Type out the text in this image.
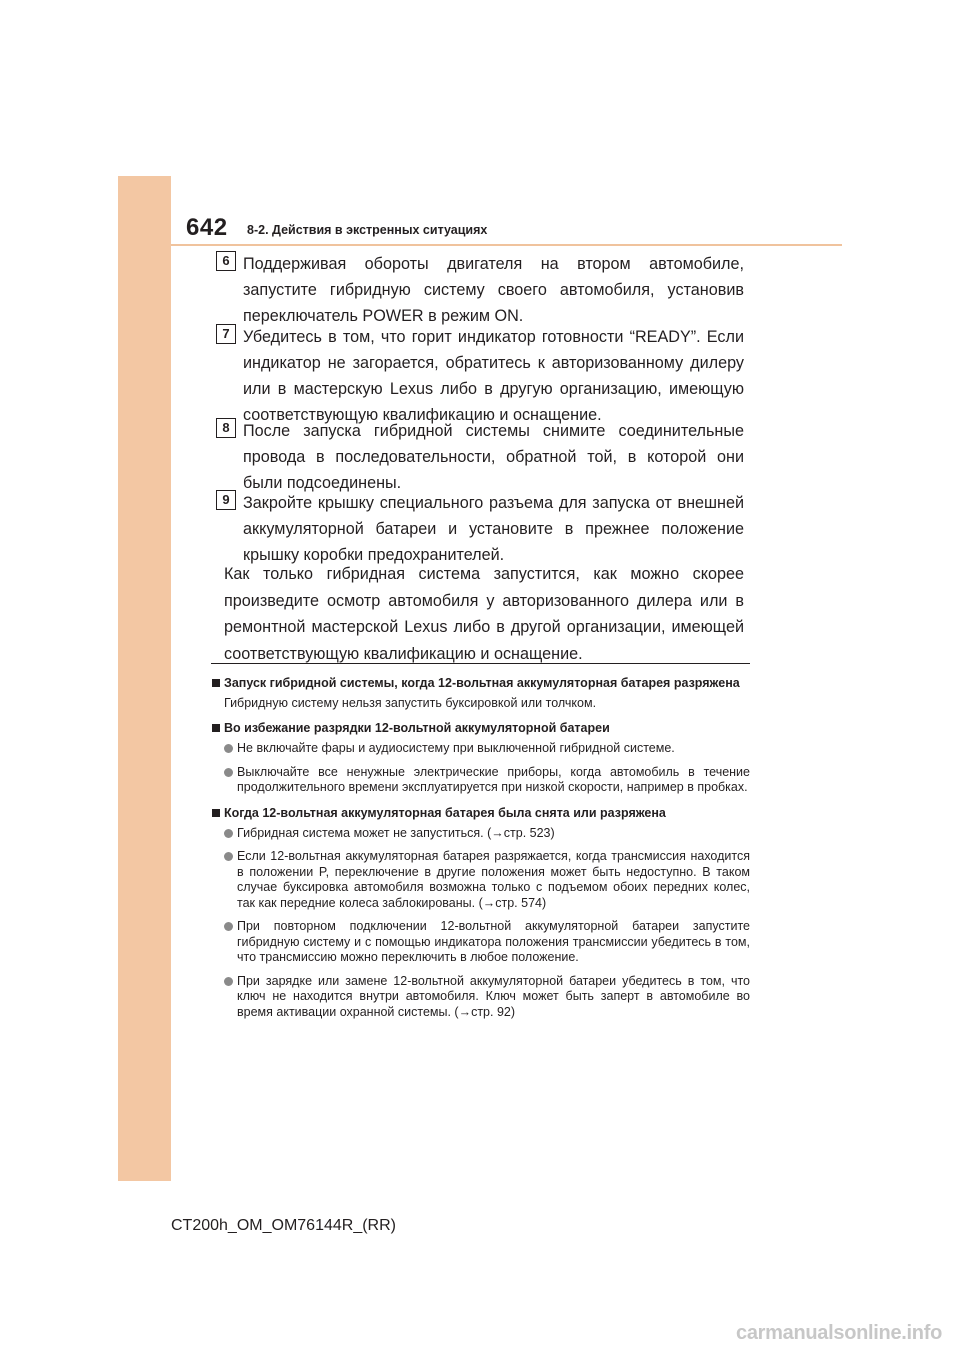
642 8-2. Действия в экстренных ситуациях
6 Поддерживая обороты двигателя на втором автомобиле, запустите гибридную систему своего автомобиля, установив переключатель POWER в режим ON.

7 Убедитесь в том, что горит индикатор готовности “READY”. Если индикатор не загорается, обратитесь к авторизованному дилеру или в мастерскую Lexus либо в другую организацию, имеющую соответствующую квалификацию и оснащение.

8 После запуска гибридной системы снимите соединительные провода в последовательности, обратной той, в которой они были подсоединены.

9 Закройте крышку специального разъема для запуска от внешней аккумуляторной батареи и установите в прежнее положение крышку коробки предохранителей.

Как только гибридная система запустится, как можно скорее произведите осмотр автомобиля у авторизованного дилера или в ремонтной мастерской Lexus либо в другой организации, имеющей соответствующую квалификацию и оснащение.

Запуск гибридной системы, когда 12-вольтная аккумуляторная батарея разряжена

Гибридную систему нельзя запустить буксировкой или толчком.

Во избежание разрядки 12-вольтной аккумуляторной батареи

Не включайте фары и аудиосистему при выключенной гибридной системе.

Выключайте все ненужные электрические приборы, когда автомобиль в течение продолжительного времени эксплуатируется при низкой скорости, например в пробках.

Когда 12-вольтная аккумуляторная батарея была снята или разряжена

Гибридная система может не запуститься. (→стр. 523)

Если 12-вольтная аккумуляторная батарея разряжается, когда трансмиссия находится в положении P, переключение в другие положения может быть недоступно. В таком случае буксировка автомобиля возможна только с подъемом обоих передних колес, так как передние колеса заблокированы. (→стр. 574)

При повторном подключении 12-вольтной аккумуляторной батареи запустите гибридную систему и с помощью индикатора положения трансмиссии убедитесь в том, что трансмиссию можно переключить в любое положение.

При зарядке или замене 12-вольтной аккумуляторной батареи убедитесь в том, что ключ не находится внутри автомобиля. Ключ может быть заперт в автомобиле во время активации охранной системы. (→стр. 92)

CT200h_OM_OM76144R_(RR)
carmanualsonline.info
